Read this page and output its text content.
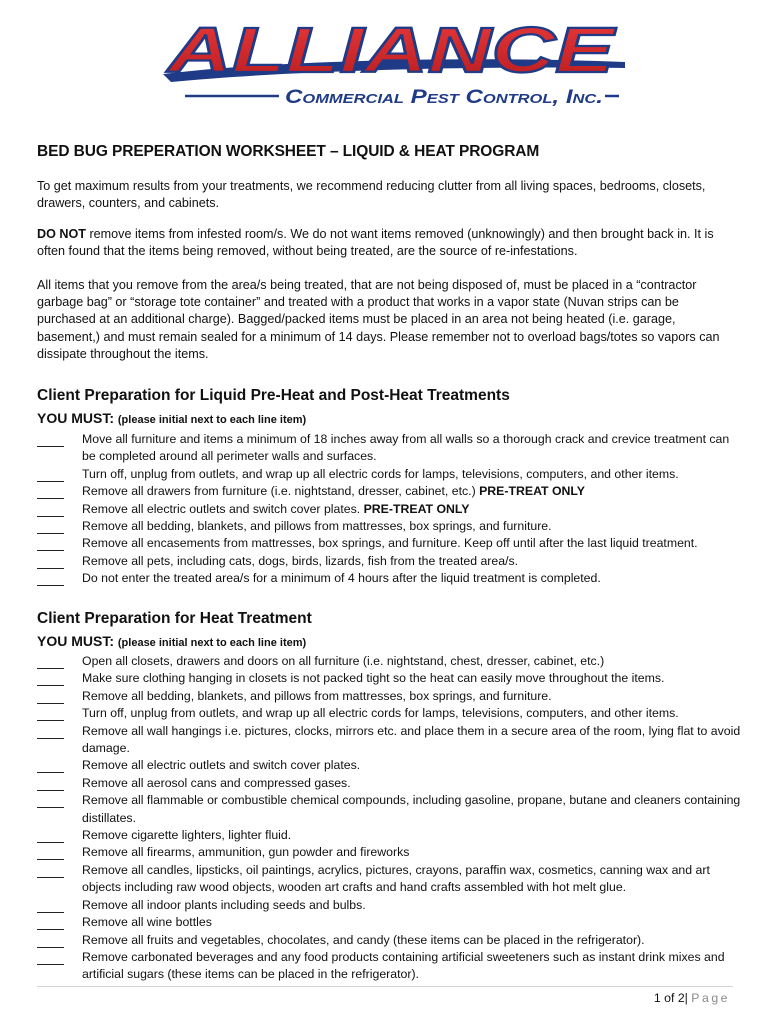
ALLIANCE
Commercial Pest Control, Inc.
BED BUG PREPERATION WORKSHEET – LIQUID & HEAT PROGRAM
To get maximum results from your treatments, we recommend reducing clutter from all living spaces, bedrooms, closets, drawers, counters, and cabinets.
DO NOT remove items from infested room/s. We do not want items removed (unknowingly) and then brought back in. It is often found that the items being removed, without being treated, are the source of re-infestations.
All items that you remove from the area/s being treated, that are not being disposed of, must be placed in a “contractor garbage bag” or “storage tote container” and treated with a product that works in a vapor state (Nuvan strips can be purchased at an additional charge). Bagged/packed items must be placed in an area not being heated (i.e. garage, basement,) and must remain sealed for a minimum of 14 days. Please remember not to overload bags/totes so vapors can dissipate throughout the items.
Client Preparation for Liquid Pre-Heat and Post-Heat Treatments
YOU MUST: (please initial next to each line item)
Move all furniture and items a minimum of 18 inches away from all walls so a thorough crack and crevice treatment can be completed around all perimeter walls and surfaces.
Turn off, unplug from outlets, and wrap up all electric cords for lamps, televisions, computers, and other items.
Remove all drawers from furniture (i.e. nightstand, dresser, cabinet, etc.) PRE-TREAT ONLY
Remove all electric outlets and switch cover plates. PRE-TREAT ONLY
Remove all bedding, blankets, and pillows from mattresses, box springs, and furniture.
Remove all encasements from mattresses, box springs, and furniture. Keep off until after the last liquid treatment.
Remove all pets, including cats, dogs, birds, lizards, fish from the treated area/s.
Do not enter the treated area/s for a minimum of 4 hours after the liquid treatment is completed.
Client Preparation for Heat Treatment
YOU MUST: (please initial next to each line item)
Open all closets, drawers and doors on all furniture (i.e. nightstand, chest, dresser, cabinet, etc.)
Make sure clothing hanging in closets is not packed tight so the heat can easily move throughout the items.
Remove all bedding, blankets, and pillows from mattresses, box springs, and furniture.
Turn off, unplug from outlets, and wrap up all electric cords for lamps, televisions, computers, and other items.
Remove all wall hangings i.e. pictures, clocks, mirrors etc. and place them in a secure area of the room, lying flat to avoid damage.
Remove all electric outlets and switch cover plates.
Remove all aerosol cans and compressed gases.
Remove all flammable or combustible chemical compounds, including gasoline, propane, butane and cleaners containing distillates.
Remove cigarette lighters, lighter fluid.
Remove all firearms, ammunition, gun powder and fireworks
Remove all candles, lipsticks, oil paintings, acrylics, pictures, crayons, paraffin wax, cosmetics, canning wax and art objects including raw wood objects, wooden art crafts and hand crafts assembled with hot melt glue.
Remove all indoor plants including seeds and bulbs.
Remove all wine bottles
Remove all fruits and vegetables, chocolates, and candy (these items can be placed in the refrigerator).
Remove carbonated beverages and any food products containing artificial sweeteners such as instant drink mixes and artificial sugars (these items can be placed in the refrigerator).
1 of 2| Page
